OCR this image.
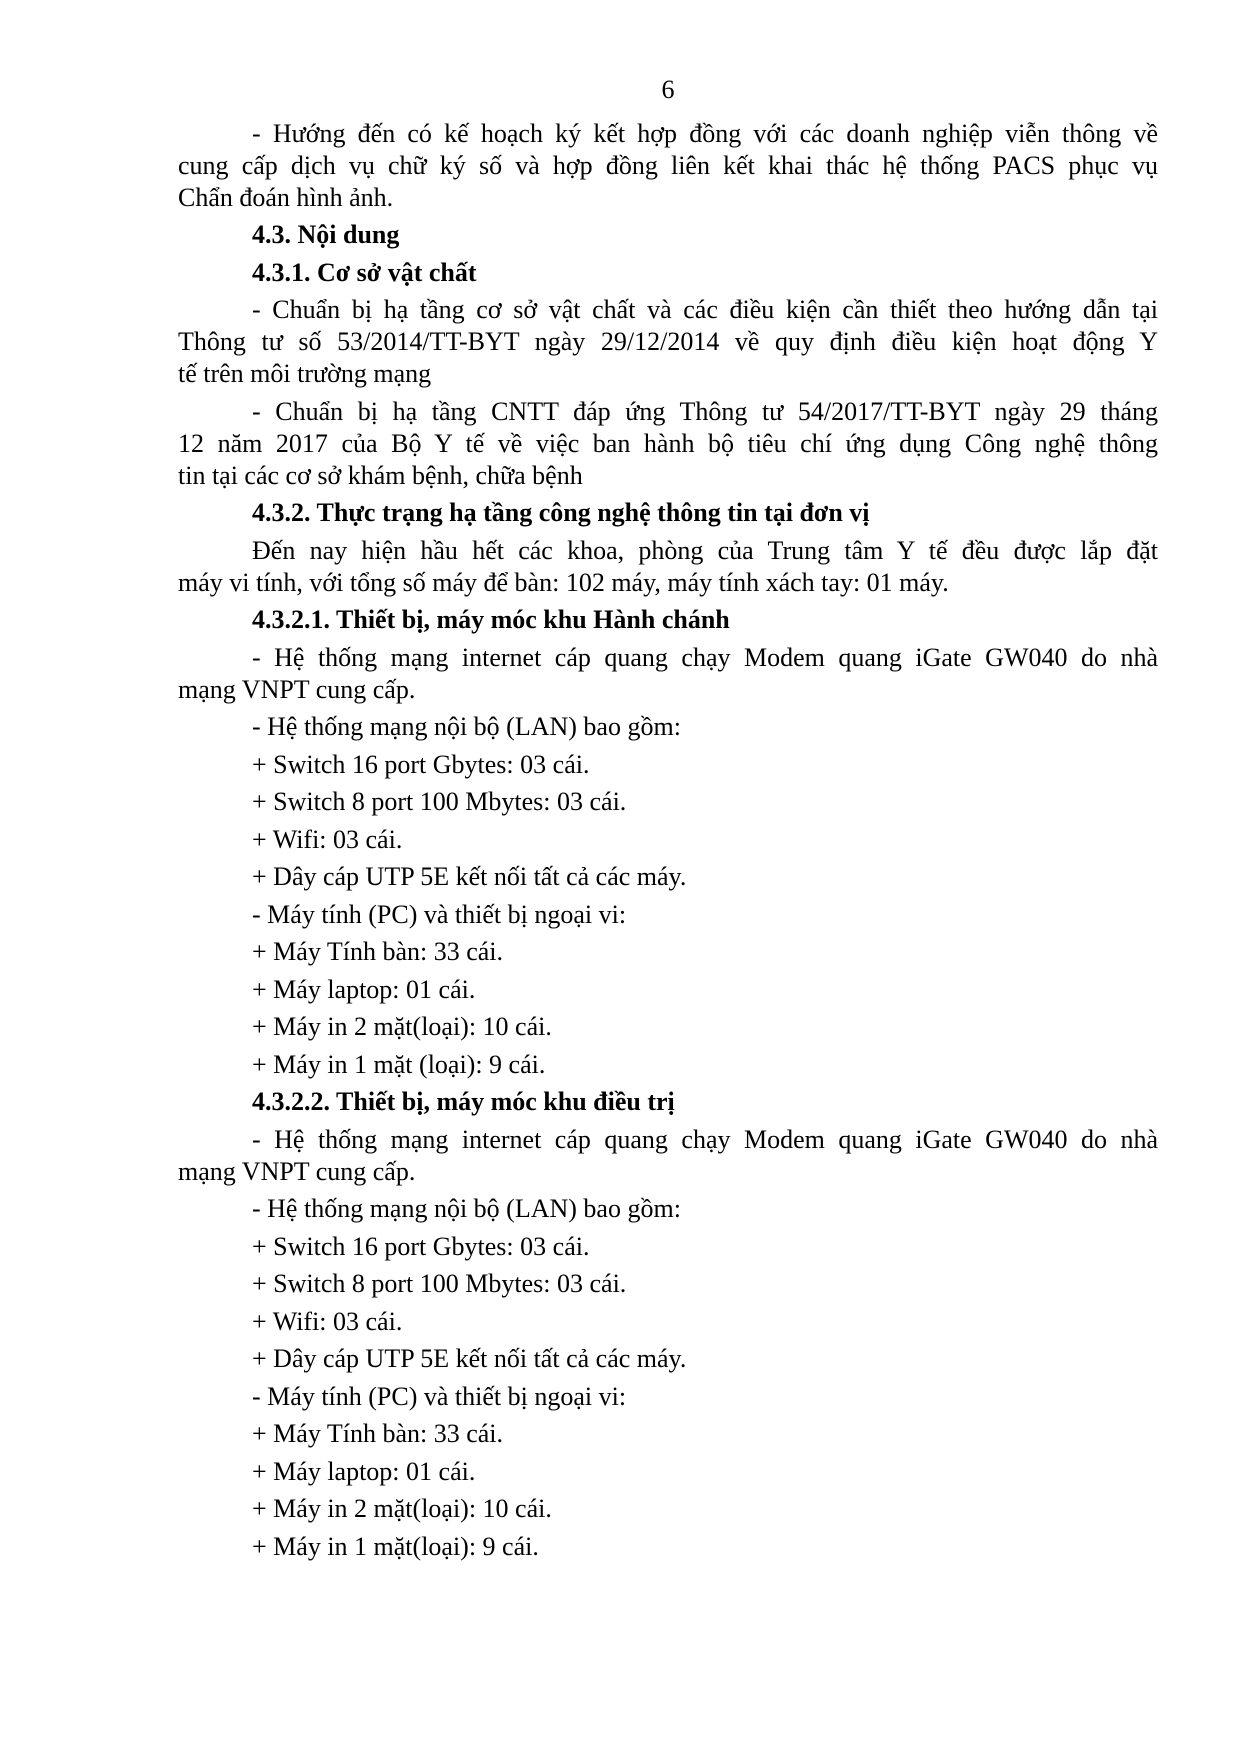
6
- Hướng đến có kế hoạch ký kết hợp đồng với các doanh nghiệp viễn thông về
cung cấp dịch vụ chữ ký số và hợp đồng liên kết khai thác hệ thống PACS phục vụ
Chẩn đoán hình ảnh.
4.3. Nội dung
4.3.1. Cơ sở vật chất
- Chuẩn bị hạ tầng cơ sở vật chất và các điều kiện cần thiết theo hướng dẫn tại
Thông tư số 53/2014/TT-BYT ngày 29/12/2014 về quy định điều kiện hoạt động Y
tế trên môi trường mạng
- Chuẩn bị hạ tầng CNTT đáp ứng Thông tư 54/2017/TT-BYT ngày 29 tháng
12 năm 2017 của Bộ Y tế về việc ban hành bộ tiêu chí ứng dụng Công nghệ thông
tin tại các cơ sở khám bệnh, chữa bệnh
4.3.2. Thực trạng hạ tầng công nghệ thông tin tại đơn vị
Đến nay hiện hầu hết các khoa, phòng của Trung tâm Y tế đều được lắp đặt
máy vi tính, với tổng số máy để bàn: 102 máy, máy tính xách tay: 01 máy.
4.3.2.1. Thiết bị, máy móc khu Hành chánh
- Hệ thống mạng internet cáp quang chạy Modem quang iGate GW040 do nhà
mạng VNPT cung cấp.
- Hệ thống mạng nội bộ (LAN) bao gồm:
+ Switch 16 port Gbytes: 03 cái.
+ Switch 8 port 100 Mbytes: 03 cái.
+ Wifi: 03 cái.
+ Dây cáp UTP 5E kết nối tất cả các máy.
- Máy tính (PC) và thiết bị ngoại vi:
+ Máy Tính bàn: 33 cái.
+ Máy laptop: 01 cái.
+ Máy in 2 mặt(loại): 10 cái.
+ Máy in 1 mặt (loại): 9 cái.
4.3.2.2. Thiết bị, máy móc khu điều trị
- Hệ thống mạng internet cáp quang chạy Modem quang iGate GW040 do nhà
mạng VNPT cung cấp.
- Hệ thống mạng nội bộ (LAN) bao gồm:
+ Switch 16 port Gbytes: 03 cái.
+ Switch 8 port 100 Mbytes: 03 cái.
+ Wifi: 03 cái.
+ Dây cáp UTP 5E kết nối tất cả các máy.
- Máy tính (PC) và thiết bị ngoại vi:
+ Máy Tính bàn: 33 cái.
+ Máy laptop: 01 cái.
+ Máy in 2 mặt(loại): 10 cái.
+ Máy in 1 mặt(loại): 9 cái.
